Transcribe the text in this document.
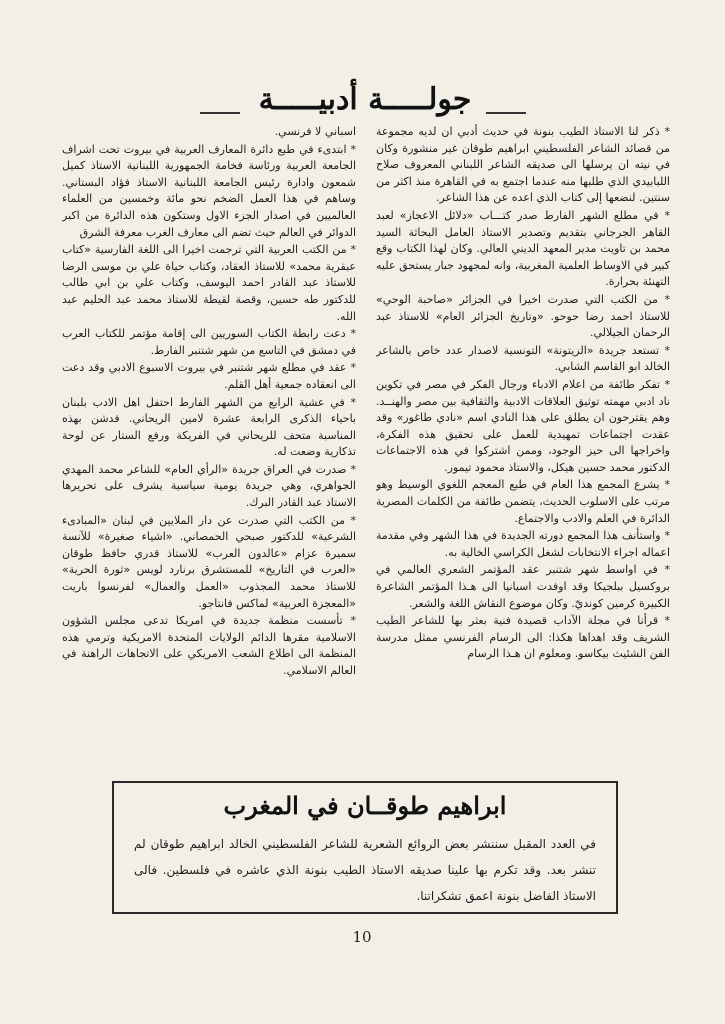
جولـــــة أدبيـــــة

* ذكر لنا الاستاذ الطيب بنونة في حديث أدبي ان لديه مجموعة من قصائد الشاعر الفلسطيني ابراهيم طوقان غير منشورة وكان في نيته ان يرسلها الى صديقه الشاعر اللبناني المعروف صلاح اللبابيدي الذي طلبها منه عندما اجتمع به في القاهرة منذ اكثر من سنتين. لنضعها إلى كتاب الذي اعده عن هذا الشاعر.

* في مطلع الشهر الفارط صدر كتـــاب «دلائل الاعجاز» لعبد القاهر الجرجاني بتقديم وتصدير الاستاذ العامل البحاثة السيد محمد بن تاويت مدير المعهد الديني العالي. وكان لهذا الكتاب وقع كبير في الاوساط العلمية المغربية، وانه لمجهود جبار يستحق عليه التهنئة بحرارة.

* من الكتب التي صدرت اخيرا في الجزائر «صاحبة الوحي» للاستاذ احمد رضا حوحو. «وتاريخ الجزائر العام» للاستاذ عبد الرحمان الجيلالي.

* تستعد جريدة «الزيتونة» التونسية لاصدار عدد خاص بالشاعر الخالد ابو القاسم الشابي.

* تفكر طائفة من اعلام الادباء ورجال الفكر في مصر في تكوين ناد ادبي مهمته توثيق العلاقات الادبية والثقافية بين مصر والهنــد. وهم يقترحون ان يطلق على هذا النادي اسم «نادي طاغور» وقد عقدت اجتماعات تمهيدية للعمل على تحقيق هذه الفكرة، واخراجها الى حيز الوجود، وممن اشتركوا في هذه الاجتماعات الدكتور محمد حسين هيكل، والاستاذ محمود تيمور.

* يشرع المجمع هذا العام في طبع المعجم اللغوي الوسيط وهو مرتب على الاسلوب الحديث، يتضمن طائفة من الكلمات المصرية الدائرة في العلم والادب والاجتماع.

* واستأنف هذا المجمع دورته الجديدة في هذا الشهر وفي مقدمة اعماله اجراء الانتخابات لشغل الكراسي الخالية به.

* في اواسط شهر شتنبر عقد المؤتمر الشعري العالمي في بروكسيل ببلجيكا وقد اوفدت اسبانيا الى هـذا المؤتمر الشاعرة الكبيرة كرمين كونديّ. وكان موضوع النقاش اللغة والشعر.

* قرأنا في مجلة الآداب قصيدة فنية بعثر بها للشاعر الطيب الشريف وقد اهداها هكذا: الى الرسام الفرنسي ممثل مدرسة الفن الشئيث بيكاسو. ومعلوم ان هـذا الرسام

اسباني لا فرنسي.

* ابتدىء في طبع دائرة المعارف العربية في بيروت تحت اشراف الجامعة العربية ورئاسة فخامة الجمهورية اللبنانية الاستاذ كميل شمعون وادارة رئيس الجامعة اللبنانية الاستاذ فؤاد البستاني. وساهم في هذا العمل الضخم نحو مائة وخمسين من العلماء العالميين في اصدار الجزء الاول وستكون هذه الدائرة من اكبر الدوائر في العالم حيث تضم الى معارف الغرب معرفة الشرق

* من الكتب العربية التي ترجمت اخيرا الى اللغة الفارسية «كتاب عبقرية محمد» للاستاذ العقاد، وكتاب حياة علي بن موسى الرضا للاستاذ عبد القادر احمد اليوسف، وكتاب علي بن ابي طالب للدكتور طه حسين، وقصة لقيطة للاستاذ محمد عبد الحليم عبد الله.

* دعت رابطة الكتاب السوريين الى إقامة مؤتمر للكتاب العرب في دمشق في التاسع من شهر شتنبر الفارط.

* عقد في مطلع شهر شتنبر في بيروت الاسبوع الادبي وقد دعت الى انعقاده جمعية أهل القلم.

* في عشية الرابع من الشهر الفارط احتفل اهل الادب بلبنان باحياء الذكرى الرابعة عشرة لامين الريحاني. فدشن بهذه المناسبة متحف للريحاني في الفريكة ورفع الستار عن لوحة تذكارية وضعت له.

* صدرت في العراق جريدة «الرأي العام» للشاعر محمد المهدي الجواهري، وهي جريدة يومية سياسية يشرف على تحريرها الاستاذ عبد القادر البرك.

* من الكتب التي صدرت عن دار الملايين في لبنان «المبادىء الشرعية» للدكتور صبحي الحمصاني. «اشياء صغيرة» للآنسة سميرة عزام «عالدون العرب» للاستاذ قدري حافظ طوقان «العرب في التاريخ» للمستشرق برنارد لويس «ثورة الحرية» للاستاذ محمد المجذوب «العمل والعمال» لفرنسوا باريت «المعجزة العربية» لماكس فانتاجو.

* تأسست منظمة جديدة في امريكا تدعى مجلس الشؤون الاسلامية مقرها الدائم الولايات المتحدة الامريكية وترمي هذه المنظمة الى اطلاع الشعب الامريكي على الاتجاهات الراهنة في العالم الاسلامي.

ابراهيم طوقــان في المغرب
في العدد المقبل سننشر بعض الروائع الشعرية للشاعر الفلسطيني الخالد ابراهيم طوقان لم تنشر بعد. وقد تكرم بها علينا صديقه الاستاذ الطيب بنونة الذي عاشره في فلسطين. فالى الاستاذ الفاضل بنونة اعمق تشكراتنا.
10
